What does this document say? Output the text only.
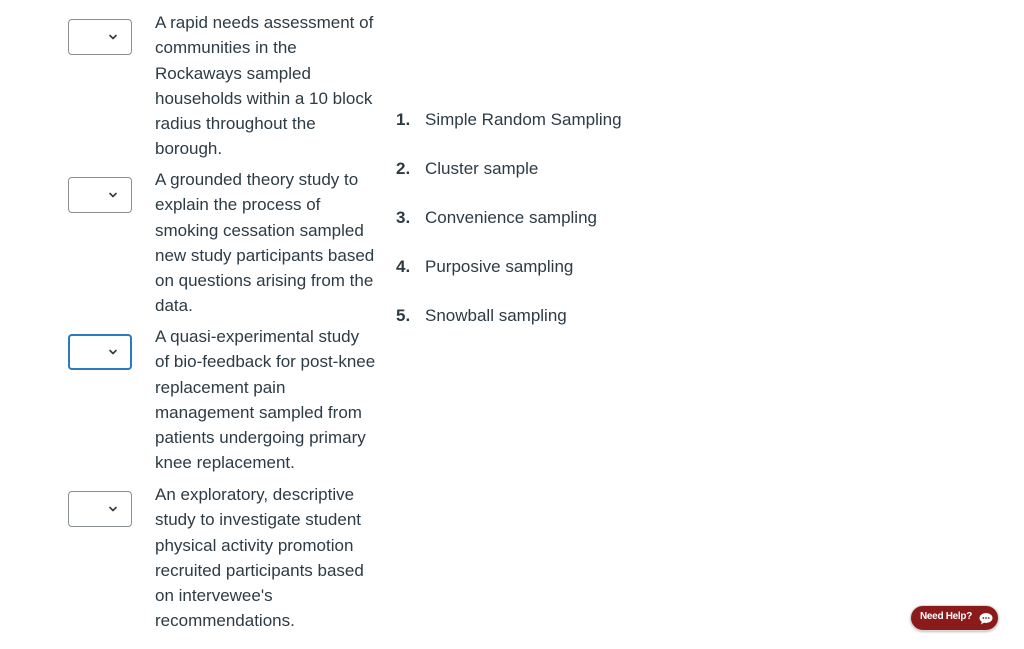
A rapid needs assessment of communities in the Rockaways sampled households within a 10 block radius throughout the borough.
A grounded theory study to explain the process of smoking cessation sampled new study participants based on questions arising from the data.
A quasi-experimental study of bio-feedback for post-knee replacement pain management sampled from patients undergoing primary knee replacement.
An exploratory, descriptive study to investigate student physical activity promotion recruited participants based on intervewee's recommendations.
1. Simple Random Sampling
2. Cluster sample
3. Convenience sampling
4. Purposive sampling
5. Snowball sampling
Need Help?
